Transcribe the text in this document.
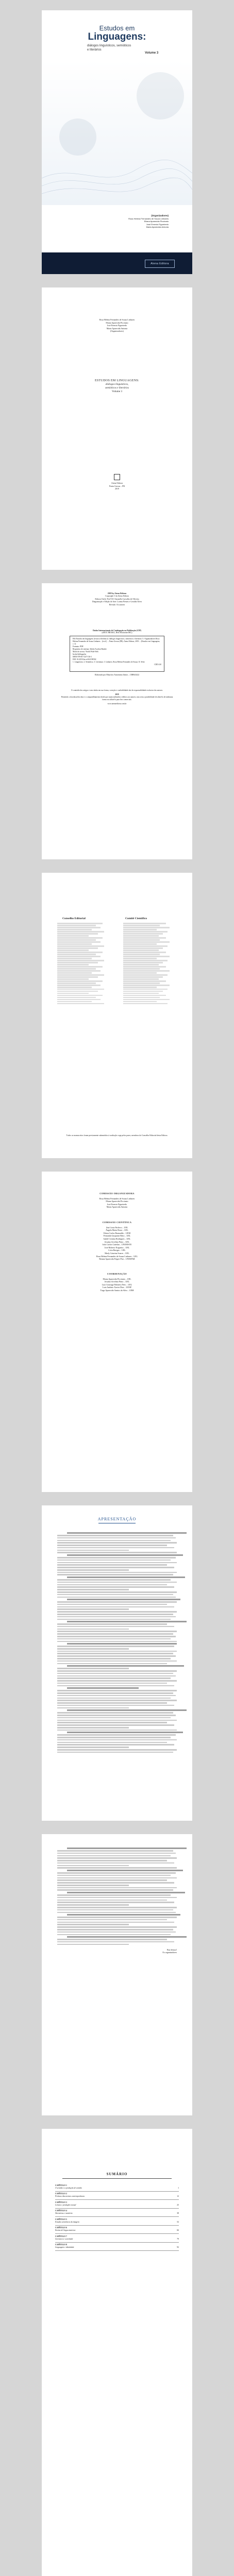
Estudos em
Linguagens:
diálogos linguísticos, semióticos
e literários
Volume 3
(Organizadores)
Rosa Helena Fernandes de Souza Linhares
Eliana Aparecida Piccinato
José Ernesto Figueiredo
Maria Aparecida Antonia
Atena Editora
Rosa Helena Fernandes de Souza Linhares
Eliana Aparecida Piccinato
José Ernesto Figueiredo
Maria Aparecida Antonia
(Organizadores)
ESTUDOS EM LINGUAGENS:
diálogos linguísticos,
semióticos e literários
Volume 3
Atena Editora
Ponta Grossa – PR
2019
2019 by Atena Editora
Copyright © da Atena Editora
Editora Chefe: Profª Drª Antonella Carvalho de Oliveira
Diagramação e Edição de Arte: Lorena Prestes e Geraldo Alves
Revisão: Os autores
Dados Internacionais de Catalogação na Publicação (CIP)
(eDOC BRASIL, Belo Horizonte/MG)
E82 Estudos em linguagens [recurso eletrônico]: diálogos linguísticos, semióticos e literários 3 / Organizadores Rosa Helena Fernandes de Souza Linhares... [et al.]. – Ponta Grossa (PR): Atena Editora, 2019. – (Estudos em Linguagens; v. 3)
Formato: PDF
Requisitos de sistema: Adobe Acrobat Reader
Modo de acesso: World Wide Web
Inclui bibliografia
ISBN 978-85-7247-136-1
DOI 10.22533/at.ed.361190502
1. Linguística. 2. Semiótica. 3. Literatura. I. Linhares, Rosa Helena Fernandes de Souza. II. Série.
CDD 410
Elaborado por Maurício Amormino Júnior – CRB6/2422
O conteúdo dos artigos e seus dados em sua forma, correção e confiabilidade são de responsabilidade exclusiva dos autores.
2019
Permitido o download da obra e o compartilhamento desde que sejam atribuídos créditos aos autores, mas sem a possibilidade de alterá-la de nenhuma forma ou utilizá-la para fins comerciais.
www.atenaeditora.com.br
Conselho Editorial	Comitê Científico
Todos os manuscritos foram previamente submetidos à avaliação cega pelos pares, membros do Conselho Editorial desta Editora.
COMISSÃO ORGANIZADORA
Rosa Helena Fernandes de Souza Linhares
Eliana Aparecida Piccinato
José Ernesto Figueiredo
Maria Aparecida Antonia
COMISSÃO CIENTÍFICA
Ana Lúcia Pacheco – UEL
Ângela Maria Rossi – UEL
Edson Carlos Romualdo – UEM
Fernanda Gasparini Brito – UEL
Isabel Cristina Rodrigues – UEL
Jesuíno Arvelino Pinto – UEL
João Carlos Cattelan – UNIOESTE
José Roberto Nogueira – UEL
Lívia Bertges – UEL
Marly Catarina Soares – UEL
Rosa Helena Fernandes de Souza Linhares – UEL
Renata Aparecida Frigeri Piai – UNESPAR
COORDENAÇÃO
Eliana Aparecida Piccinato – UEL
Jesuíno Arvelino Pinto – UEL
Luiz Gonzaga Palmeira Neto – UEL
Luiz Antônio Xavier Dias – UENP
Tiago Aparecido Santos da Silva – UEM
APRESENTAÇÃO
Boa leitura!
Os organizadores
SUMÁRIO
CAPÍTULO 1
O sentido e a produção de sentido	1
CAPÍTULO 2
Práticas discursivas contemporâneas	12
CAPÍTULO 3
Leitura e produção textual	25
CAPÍTULO 4
Narrativas e memória	38
CAPÍTULO 5
Estudos semióticos da imagem	52
CAPÍTULO 6
Ensino de língua materna	66
CAPÍTULO 7
Literatura e sociedade	79
CAPÍTULO 8
Linguagem e identidade	92
